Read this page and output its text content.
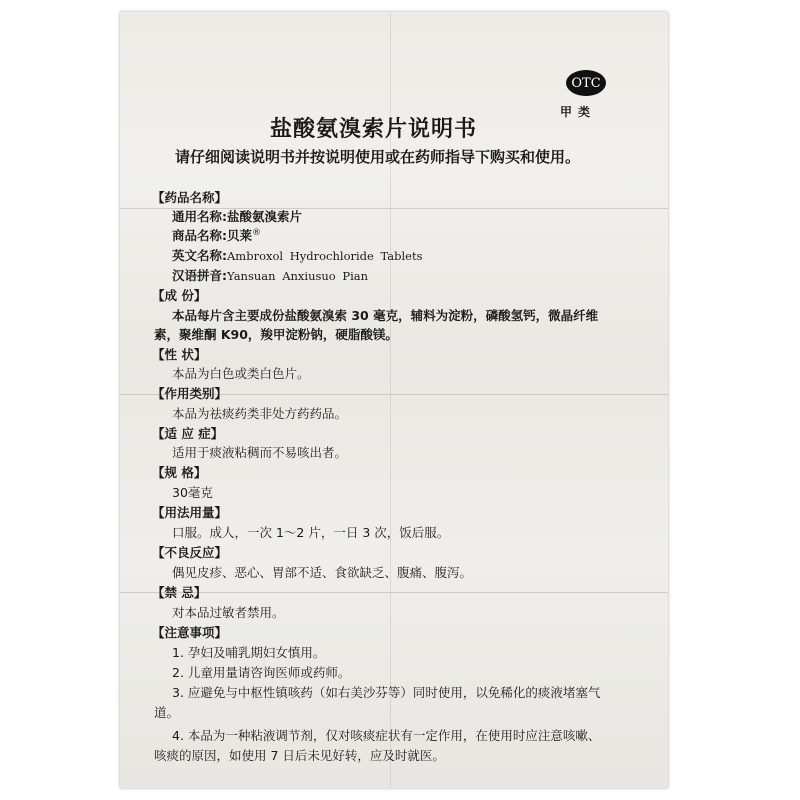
OTC
甲类
盐酸氨溴索片说明书
请仔细阅读说明书并按说明使用或在药师指导下购买和使用。
【药品名称】
通用名称:盐酸氨溴索片
商品名称:贝莱®
英文名称:Ambroxol Hydrochloride Tablets
汉语拼音:Yansuan Anxiusuo Pian
【成 份】
本品每片含主要成份盐酸氨溴索 30 毫克，辅料为淀粉，磷酸氢钙，微晶纤维
素，聚维酮 K90，羧甲淀粉钠，硬脂酸镁。
【性 状】
本品为白色或类白色片。
【作用类别】
本品为祛痰药类非处方药药品。
【适 应 症】
适用于痰液粘稠而不易咳出者。
【规 格】
30毫克
【用法用量】
口服。成人，一次 1～2 片，一日 3 次，饭后服。
【不良反应】
偶见皮疹、恶心、胃部不适、食欲缺乏、腹痛、腹泻。
【禁 忌】
对本品过敏者禁用。
【注意事项】
1. 孕妇及哺乳期妇女慎用。
2. 儿童用量请咨询医师或药师。
3. 应避免与中枢性镇咳药（如右美沙芬等）同时使用，以免稀化的痰液堵塞气
道。
4. 本品为一种粘液调节剂，仅对咳痰症状有一定作用，在使用时应注意咳嗽、
咳痰的原因，如使用 7 日后未见好转，应及时就医。
